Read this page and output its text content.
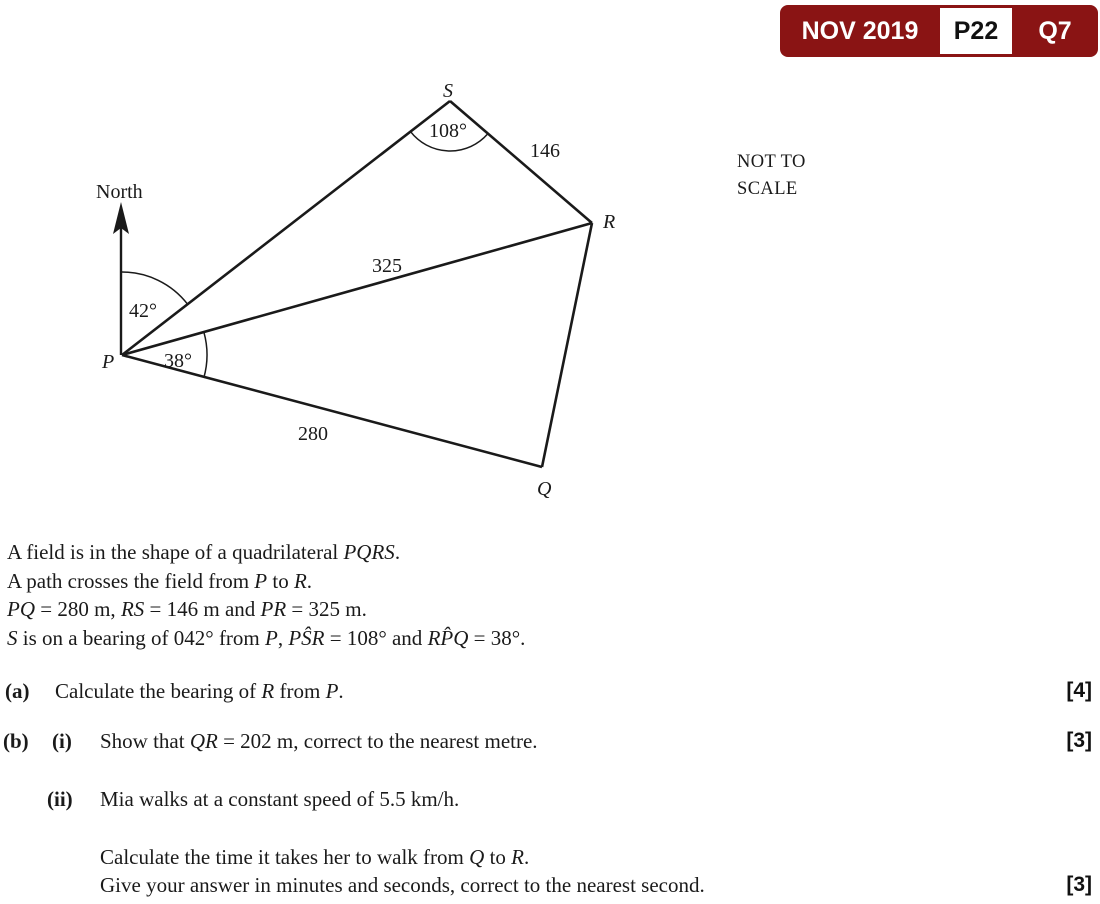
NOV 2019	P22	Q7
North
S
108°
146
R
325
42°
38°
P
280
Q
NOT TO
SCALE
A field is in the shape of a quadrilateral PQRS.
A path crosses the field from P to R.
PQ = 280 m, RS = 146 m and PR = 325 m.
S is on a bearing of 042° from P, PŜR = 108° and RP̂Q = 38°.
(a) Calculate the bearing of R from P.	[4]
(b) (i) Show that QR = 202 m, correct to the nearest metre.	[3]
(ii) Mia walks at a constant speed of 5.5 km/h.
Calculate the time it takes her to walk from Q to R.
Give your answer in minutes and seconds, correct to the nearest second.	[3]
